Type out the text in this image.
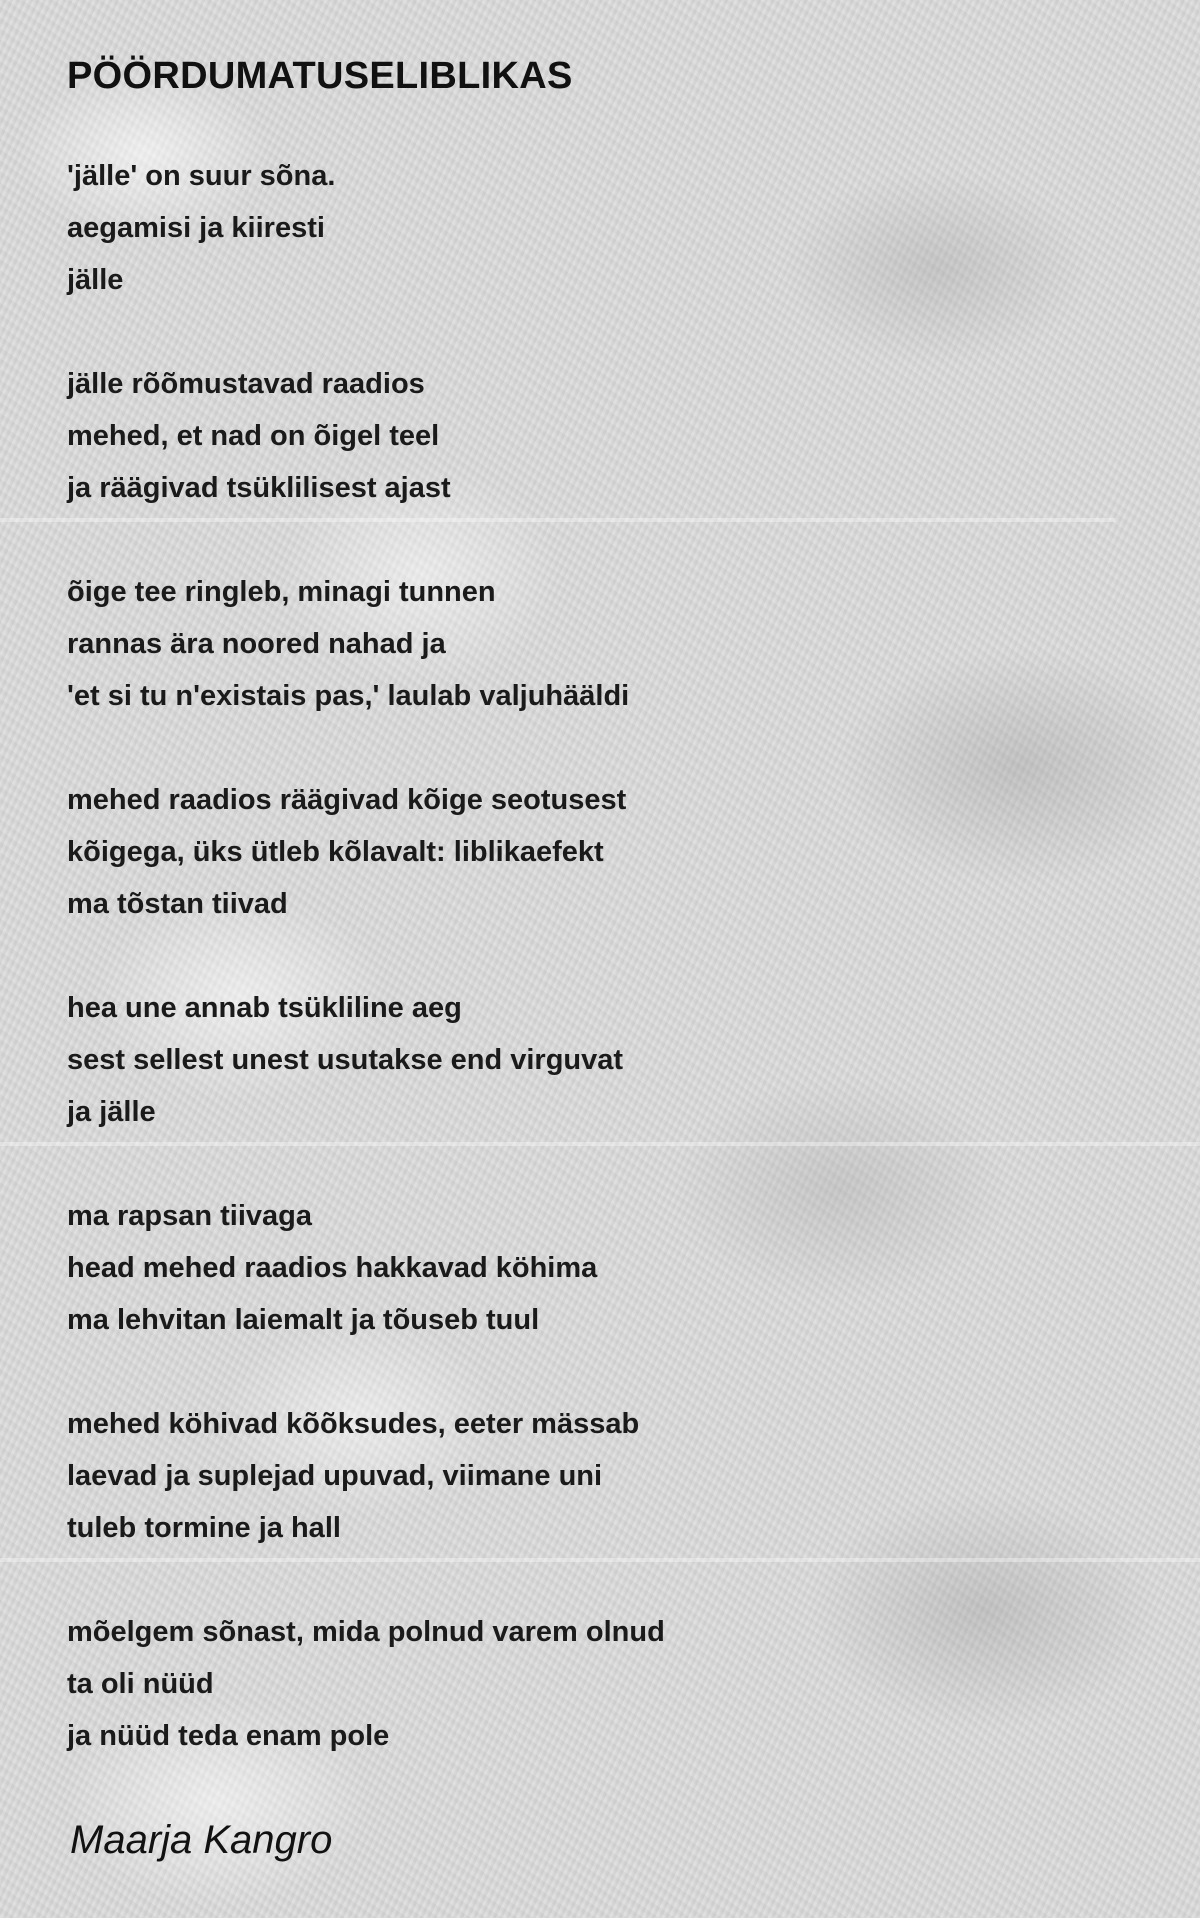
PÖÖRDUMATUSELIBLIKAS

'jälle' on suur sõna.
aegamisi ja kiiresti
jälle

jälle rõõmustavad raadios
mehed, et nad on õigel teel
ja räägivad tsüklilisest ajast

õige tee ringleb, minagi tunnen
rannas ära noored nahad ja
'et si tu n'existais pas,' laulab valjuhääldi

mehed raadios räägivad kõige seotusest
kõigega, üks ütleb kõlavalt: liblikaefekt
ma tõstan tiivad

hea une annab tsükliline aeg
sest sellest unest usutakse end virguvat
ja jälle

ma rapsan tiivaga
head mehed raadios hakkavad köhima
ma lehvitan laiemalt ja tõuseb tuul

mehed köhivad kõõksudes, eeter mässab
laevad ja suplejad upuvad, viimane uni
tuleb tormine ja hall

mõelgem sõnast, mida polnud varem olnud
ta oli nüüd
ja nüüd teda enam pole

Maarja Kangro
